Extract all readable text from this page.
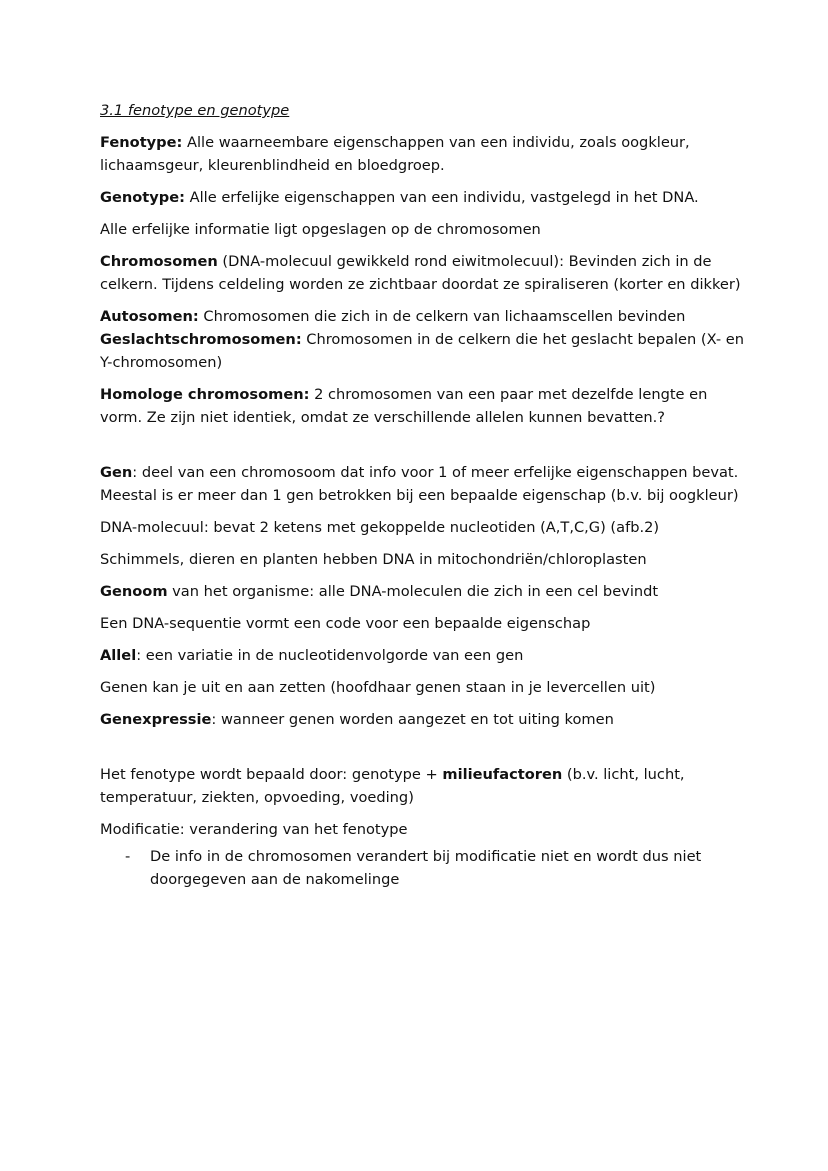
3.1 fenotype en genotype

Fenotype: Alle waarneembare eigenschappen van een individu, zoals oogkleur, lichaamsgeur, kleurenblindheid en bloedgroep.

Genotype: Alle erfelijke eigenschappen van een individu, vastgelegd in het DNA.

Alle erfelijke informatie ligt opgeslagen op de chromosomen

Chromosomen (DNA-molecuul gewikkeld rond eiwitmolecuul): Bevinden zich in de celkern. Tijdens celdeling worden ze zichtbaar doordat ze spiraliseren (korter en dikker)

Autosomen: Chromosomen die zich in de celkern van lichaamscellen bevinden

Geslachtschromosomen: Chromosomen in de celkern die het geslacht bepalen (X- en Y-chromosomen)

Homologe chromosomen: 2 chromosomen van een paar met dezelfde lengte en vorm. Ze zijn niet identiek, omdat ze verschillende allelen kunnen bevatten.?

Gen: deel van een chromosoom dat info voor 1 of meer erfelijke eigenschappen bevat. Meestal is er meer dan 1 gen betrokken bij een bepaalde eigenschap (b.v. bij oogkleur)

DNA-molecuul: bevat 2 ketens met gekoppelde nucleotiden (A,T,C,G) (afb.2)

Schimmels, dieren en planten hebben DNA in mitochondriën/chloroplasten

Genoom van het organisme: alle DNA-moleculen die zich in een cel bevindt

Een DNA-sequentie vormt een code voor een bepaalde eigenschap

Allel: een variatie in de nucleotidenvolgorde van een gen

Genen kan je uit en aan zetten (hoofdhaar genen staan in je levercellen uit)

Genexpressie: wanneer genen worden aangezet en tot uiting komen

Het fenotype wordt bepaald door: genotype + milieufactoren (b.v. licht, lucht, temperatuur, ziekten, opvoeding, voeding)

Modificatie: verandering van het fenotype

- De info in de chromosomen verandert bij modificatie niet en wordt dus niet doorgegeven aan de nakomelinge
